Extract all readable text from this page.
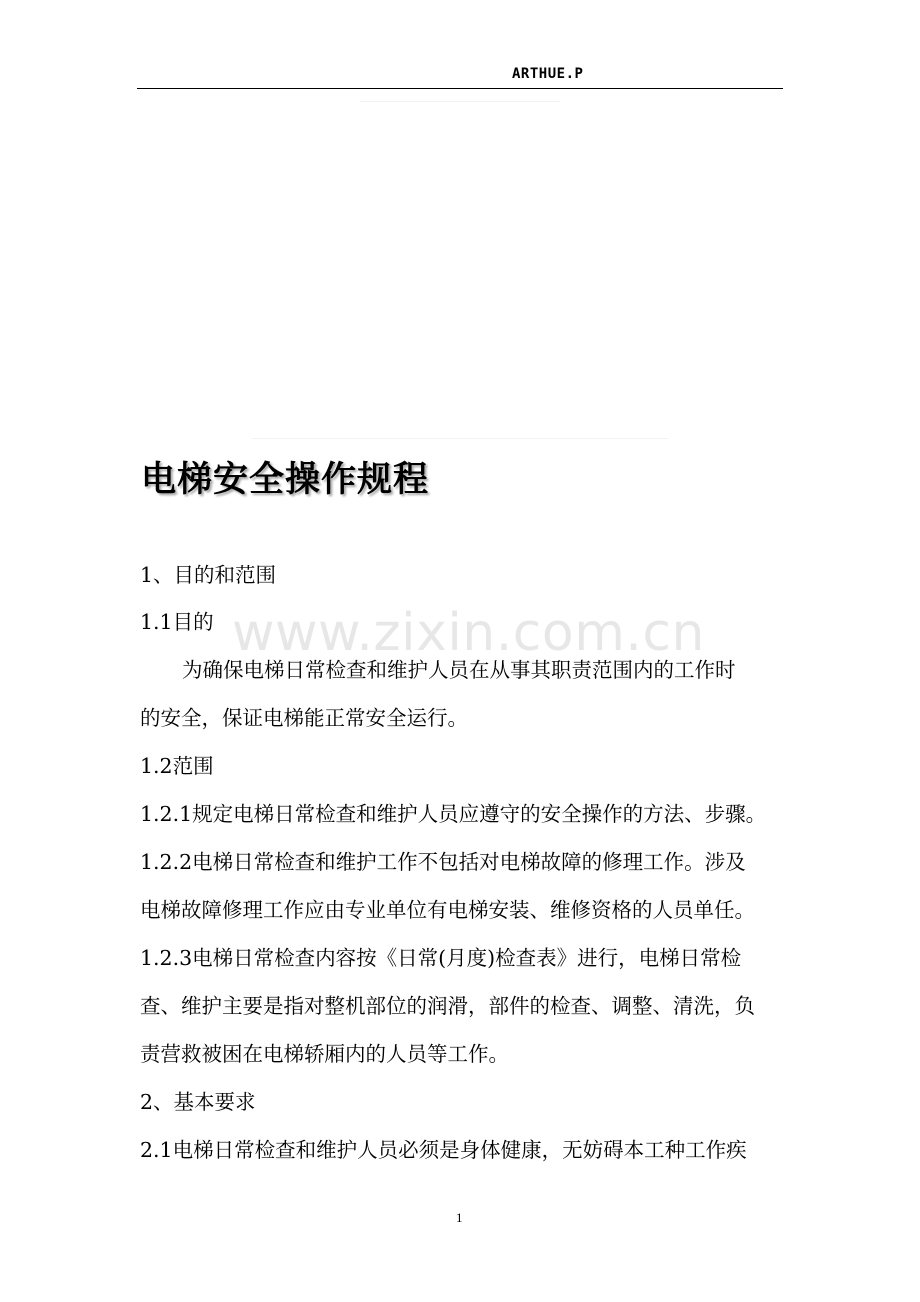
ARTHUE.P
电梯安全操作规程
www.zixin.com.cn
1、目的和范围
1.1目的
为确保电梯日常检查和维护人员在从事其职责范围内的工作时
的安全，保证电梯能正常安全运行。
1.2范围
1.2.1规定电梯日常检查和维护人员应遵守的安全操作的方法、步骤。
1.2.2电梯日常检查和维护工作不包括对电梯故障的修理工作。涉及
电梯故障修理工作应由专业单位有电梯安装、维修资格的人员单任。
1.2.3电梯日常检查内容按《日常(月度)检查表》进行，电梯日常检
查、维护主要是指对整机部位的润滑，部件的检查、调整、清洗，负
责营救被困在电梯轿厢内的人员等工作。
2、基本要求
2.1电梯日常检查和维护人员必须是身体健康，无妨碍本工种工作疾
1
